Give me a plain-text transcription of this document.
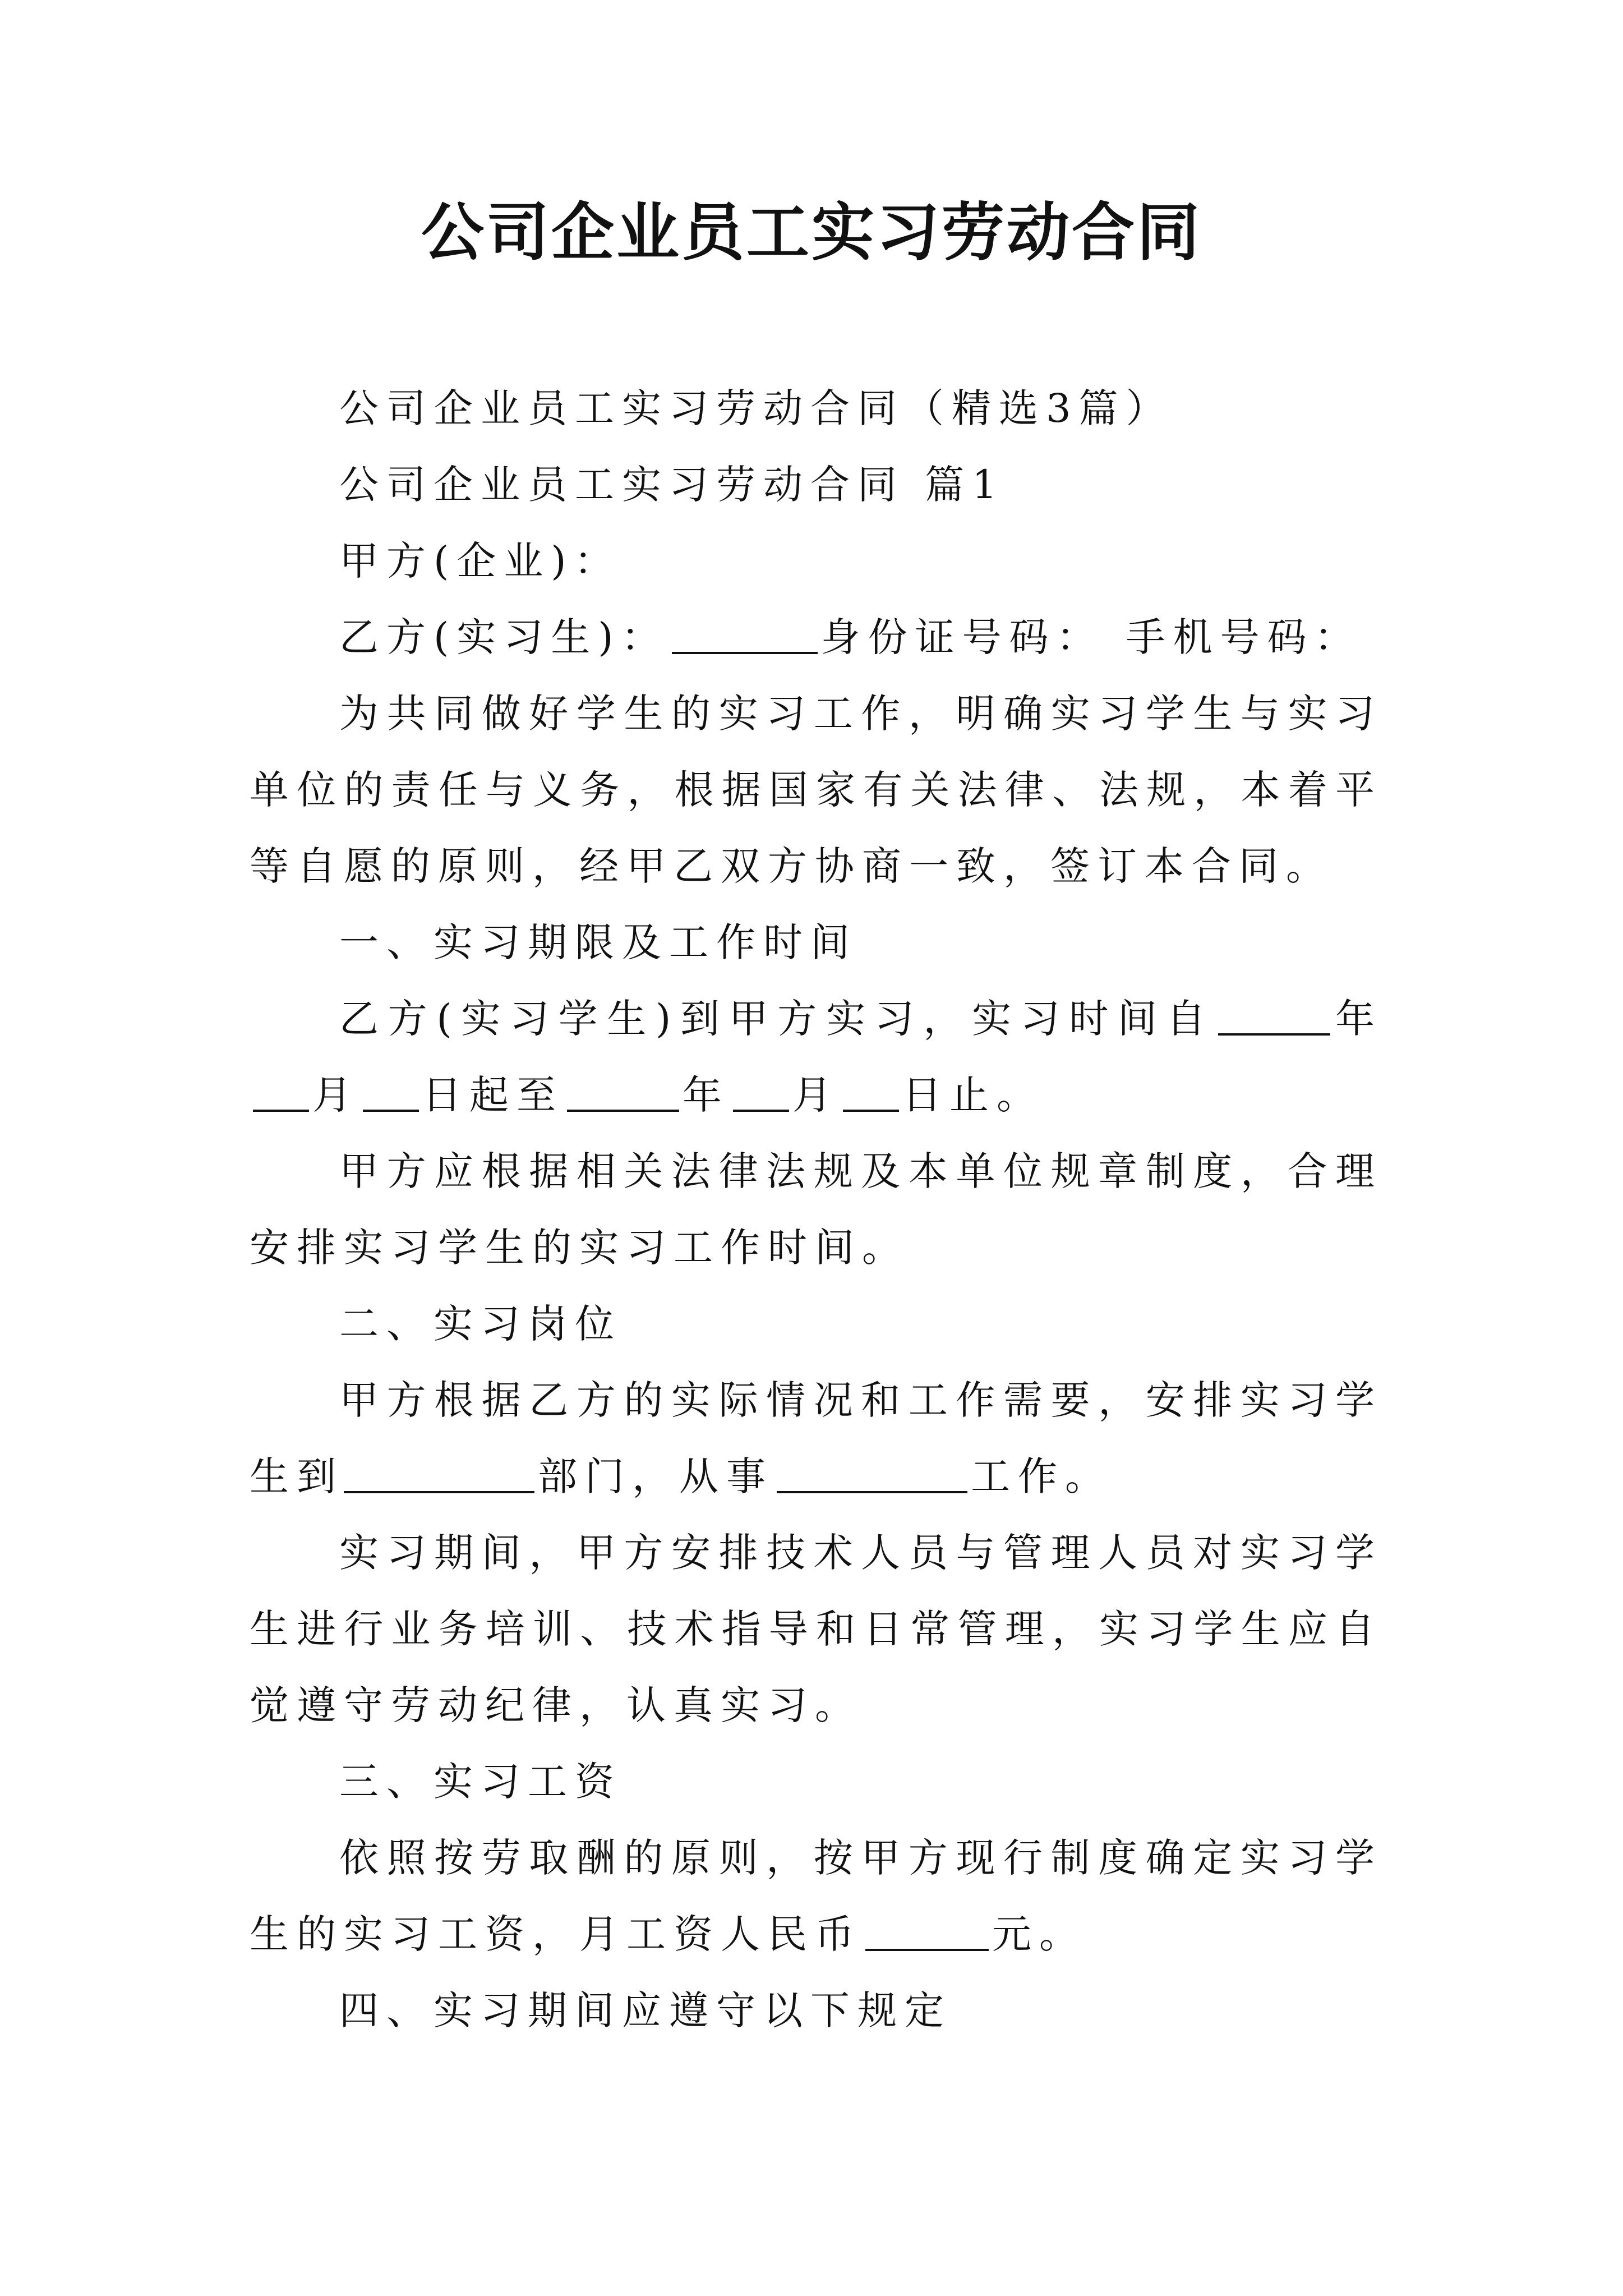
公司企业员工实习劳动合同

公司企业员工实习劳动合同（精选3篇）

公司企业员工实习劳动合同 篇1

甲方(企业)：

乙方(实习生)：	身份证号码： 手机号码：

为共同做好学生的实习工作，明确实习学生与实习单位的责任与义务，根据国家有关法律、法规，本着平等自愿的原则，经甲乙双方协商一致，签订本合同。

一、实习期限及工作时间

乙方(实习学生)到甲方实习，实习时间自	年月 日起至	年 月 日止。

甲方应根据相关法律法规及本单位规章制度，合理安排实习学生的实习工作时间。

二、实习岗位

甲方根据乙方的实际情况和工作需要，安排实习学生到	部门，从事	工作。

实习期间，甲方安排技术人员与管理人员对实习学生进行业务培训、技术指导和日常管理，实习学生应自觉遵守劳动纪律，认真实习。

三、实习工资

依照按劳取酬的原则，按甲方现行制度确定实习学生的实习工资，月工资人民币	元。

四、实习期间应遵守以下规定
